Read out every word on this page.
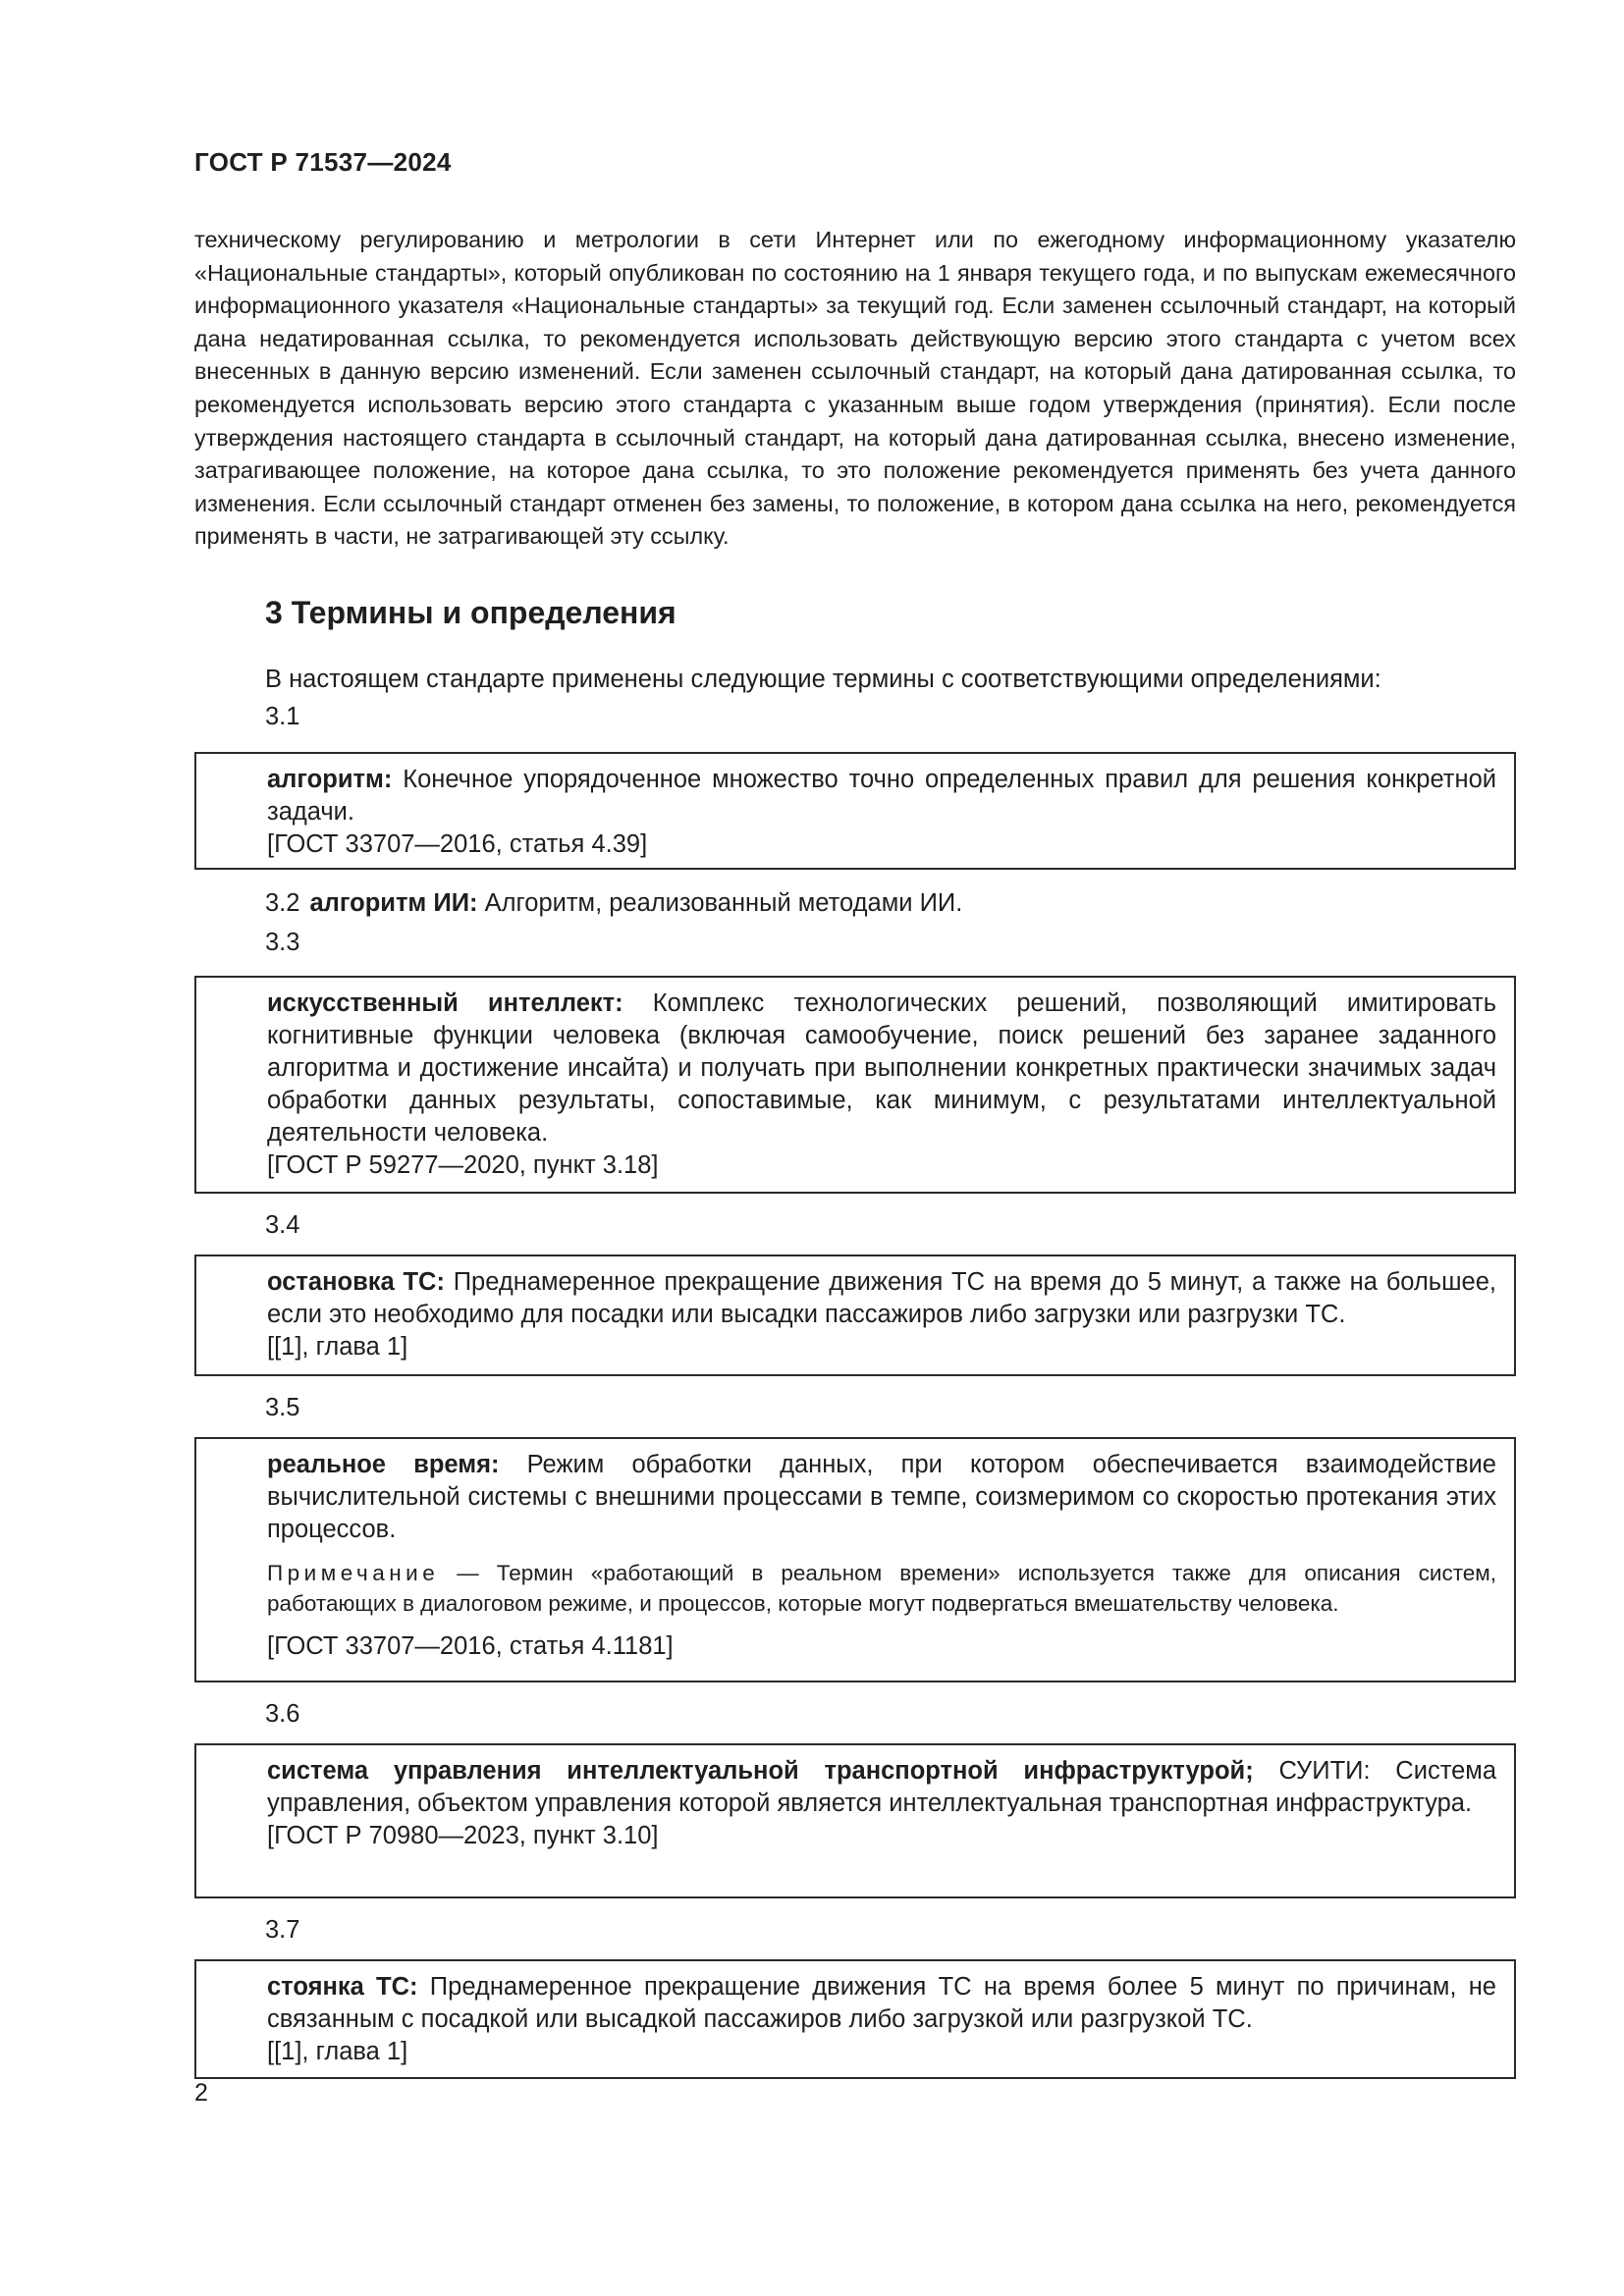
ГОСТ Р 71537—2024

техническому регулированию и метрологии в сети Интернет или по ежегодному информационному указателю «Национальные стандарты», который опубликован по состоянию на 1 января текущего года, и по выпускам ежемесячного информационного указателя «Национальные стандарты» за текущий год. Если заменен ссылочный стандарт, на который дана недатированная ссылка, то рекомендуется использовать действующую версию этого стандарта с учетом всех внесенных в данную версию изменений. Если заменен ссылочный стандарт, на который дана датированная ссылка, то рекомендуется использовать версию этого стандарта с указанным выше годом утверждения (принятия). Если после утверждения настоящего стандарта в ссылочный стандарт, на который дана датированная ссылка, внесено изменение, затрагивающее положение, на которое дана ссылка, то это положение рекомендуется применять без учета данного изменения. Если ссылочный стандарт отменен без замены, то положение, в котором дана ссылка на него, рекомендуется применять в части, не затрагивающей эту ссылку.

3 Термины и определения

В настоящем стандарте применены следующие термины с соответствующими определениями:

3.1

алгоритм: Конечное упорядоченное множество точно определенных правил для решения конкретной задачи.

[ГОСТ 33707—2016, статья 4.39]

3.2 алгоритм ИИ: Алгоритм, реализованный методами ИИ.

3.3

искусственный интеллект: Комплекс технологических решений, позволяющий имитировать когнитивные функции человека (включая самообучение, поиск решений без заранее заданного алгоритма и достижение инсайта) и получать при выполнении конкретных практически значимых задач обработки данных результаты, сопоставимые, как минимум, с результатами интеллектуальной деятельности человека.

[ГОСТ Р 59277—2020, пункт 3.18]

3.4

остановка ТС: Преднамеренное прекращение движения ТС на время до 5 минут, а также на большее, если это необходимо для посадки или высадки пассажиров либо загрузки или разгрузки ТС.

[[1], глава 1]

3.5

реальное время: Режим обработки данных, при котором обеспечивается взаимодействие вычислительной системы с внешними процессами в темпе, соизмеримом со скоростью протекания этих процессов.

Примечание — Термин «работающий в реальном времени» используется также для описания систем, работающих в диалоговом режиме, и процессов, которые могут подвергаться вмешательству человека.

[ГОСТ 33707—2016, статья 4.1181]

3.6

система управления интеллектуальной транспортной инфраструктурой; СУИТИ: Система управления, объектом управления которой является интеллектуальная транспортная инфраструктура.

[ГОСТ Р 70980—2023, пункт 3.10]

3.7

стоянка ТС: Преднамеренное прекращение движения ТС на время более 5 минут по причинам, не связанным с посадкой или высадкой пассажиров либо загрузкой или разгрузкой ТС.

[[1], глава 1]

2
